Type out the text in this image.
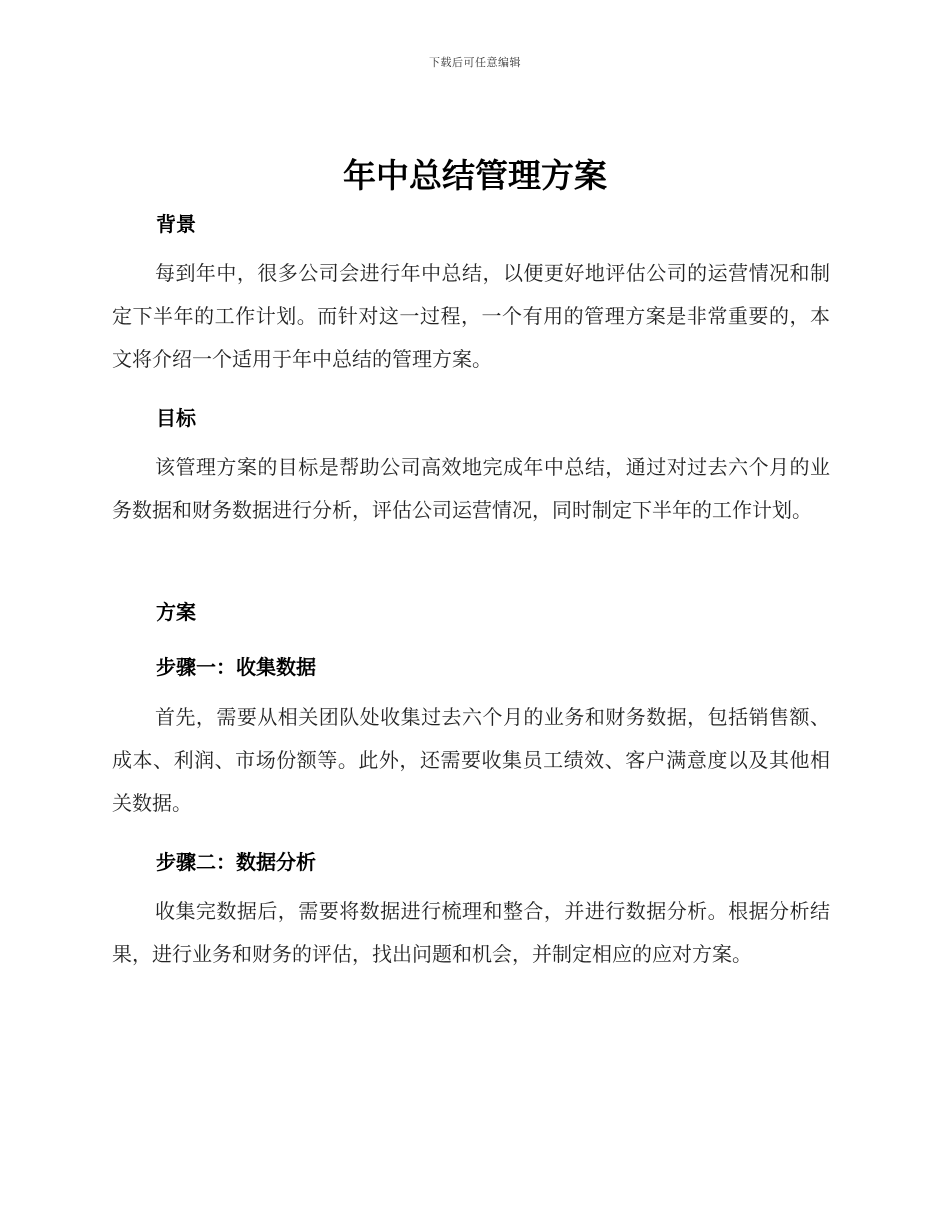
下载后可任意编辑
年中总结管理方案
背景

每到年中，很多公司会进行年中总结，以便更好地评估公司的运营情况和制定下半年的工作计划。而针对这一过程，一个有用的管理方案是非常重要的，本文将介绍一个适用于年中总结的管理方案。

目标

该管理方案的目标是帮助公司高效地完成年中总结，通过对过去六个月的业务数据和财务数据进行分析，评估公司运营情况，同时制定下半年的工作计划。

方案
步骤一：收集数据

首先，需要从相关团队处收集过去六个月的业务和财务数据，包括销售额、成本、利润、市场份额等。此外，还需要收集员工绩效、客户满意度以及其他相关数据。

步骤二：数据分析

收集完数据后，需要将数据进行梳理和整合，并进行数据分析。根据分析结果，进行业务和财务的评估，找出问题和机会，并制定相应的应对方案。
